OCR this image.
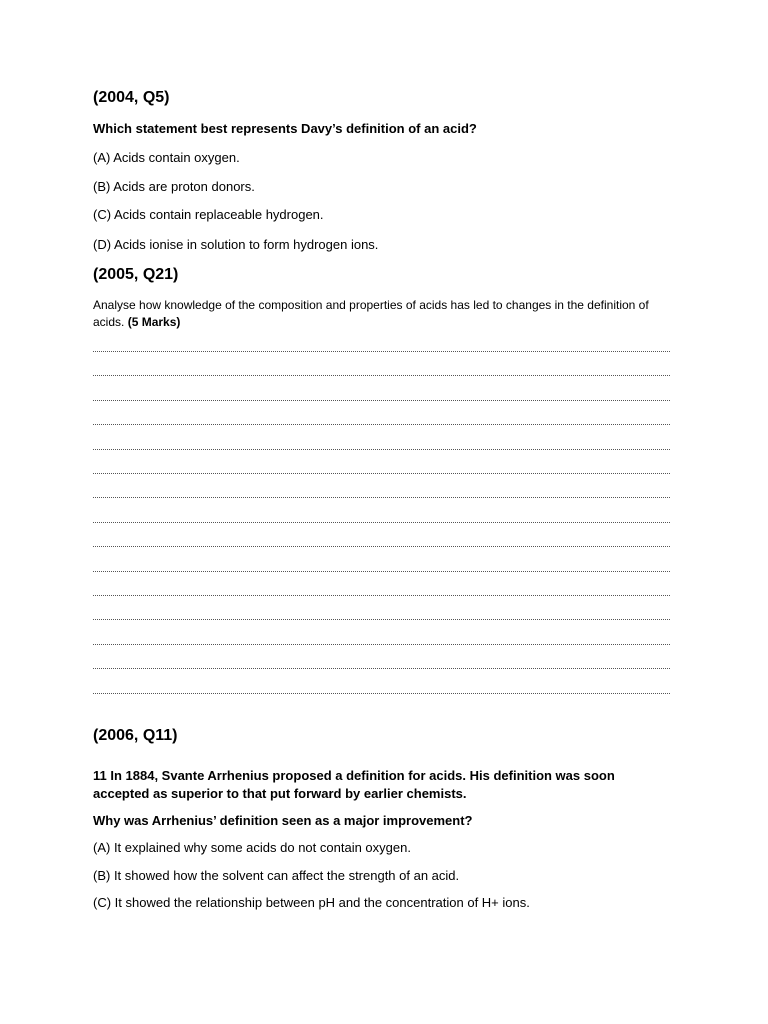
(2004, Q5)
Which statement best represents Davy’s definition of an acid?
(A) Acids contain oxygen.
(B) Acids are proton donors.
(C) Acids contain replaceable hydrogen.
(D) Acids ionise in solution to form hydrogen ions.
(2005, Q21)
Analyse how knowledge of the composition and properties of acids has led to changes in the definition of acids. (5 Marks)
(2006, Q11)
11 In 1884, Svante Arrhenius proposed a definition for acids. His definition was soon
accepted as superior to that put forward by earlier chemists.
Why was Arrhenius’ definition seen as a major improvement?
(A) It explained why some acids do not contain oxygen.
(B) It showed how the solvent can affect the strength of an acid.
(C) It showed the relationship between pH and the concentration of H+ ions.
